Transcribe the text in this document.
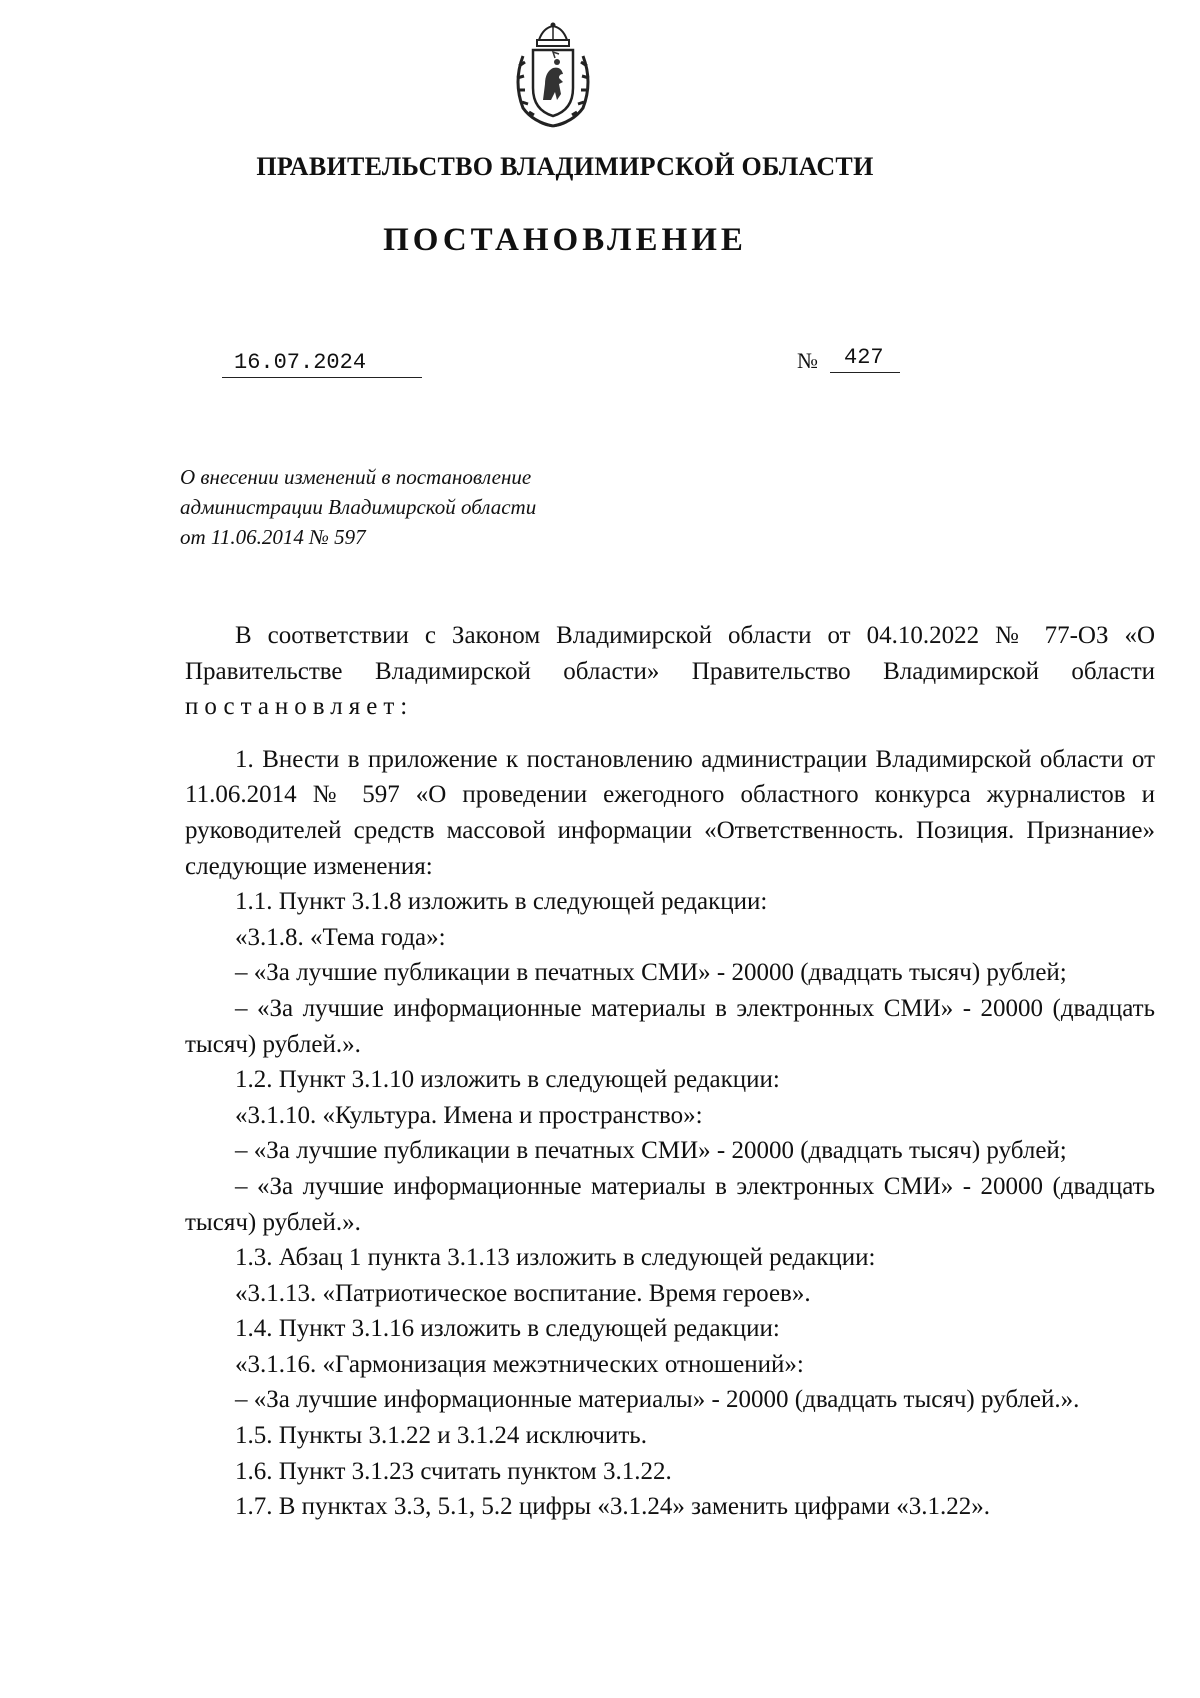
ПРАВИТЕЛЬСТВО ВЛАДИМИРСКОЙ ОБЛАСТИ
ПОСТАНОВЛЕНИЕ
16.07.2024	№	427
О внесении изменений в постановление
администрации Владимирской области
от 11.06.2014 № 597

В соответствии с Законом Владимирской области от 04.10.2022 № 77-ОЗ «О Правительстве Владимирской области» Правительство Владимирской области постановляет:

1. Внести в приложение к постановлению администрации Владимирской области от 11.06.2014 № 597 «О проведении ежегодного областного конкурса журналистов и руководителей средств массовой информации «Ответственность. Позиция. Признание» следующие изменения:

1.1. Пункт 3.1.8 изложить в следующей редакции:

«3.1.8. «Тема года»:

– «За лучшие публикации в печатных СМИ» - 20000 (двадцать тысяч) рублей;

– «За лучшие информационные материалы в электронных СМИ» - 20000 (двадцать тысяч) рублей.».

1.2. Пункт 3.1.10 изложить в следующей редакции:

«3.1.10. «Культура. Имена и пространство»:

– «За лучшие публикации в печатных СМИ» - 20000 (двадцать тысяч) рублей;

– «За лучшие информационные материалы в электронных СМИ» - 20000 (двадцать тысяч) рублей.».

1.3. Абзац 1 пункта 3.1.13 изложить в следующей редакции:

«3.1.13. «Патриотическое воспитание. Время героев».

1.4. Пункт 3.1.16 изложить в следующей редакции:

«3.1.16. «Гармонизация межэтнических отношений»:

– «За лучшие информационные материалы» - 20000 (двадцать тысяч) рублей.».

1.5. Пункты 3.1.22 и 3.1.24 исключить.

1.6. Пункт 3.1.23 считать пунктом 3.1.22.

1.7. В пунктах 3.3, 5.1, 5.2 цифры «3.1.24» заменить цифрами «3.1.22».
